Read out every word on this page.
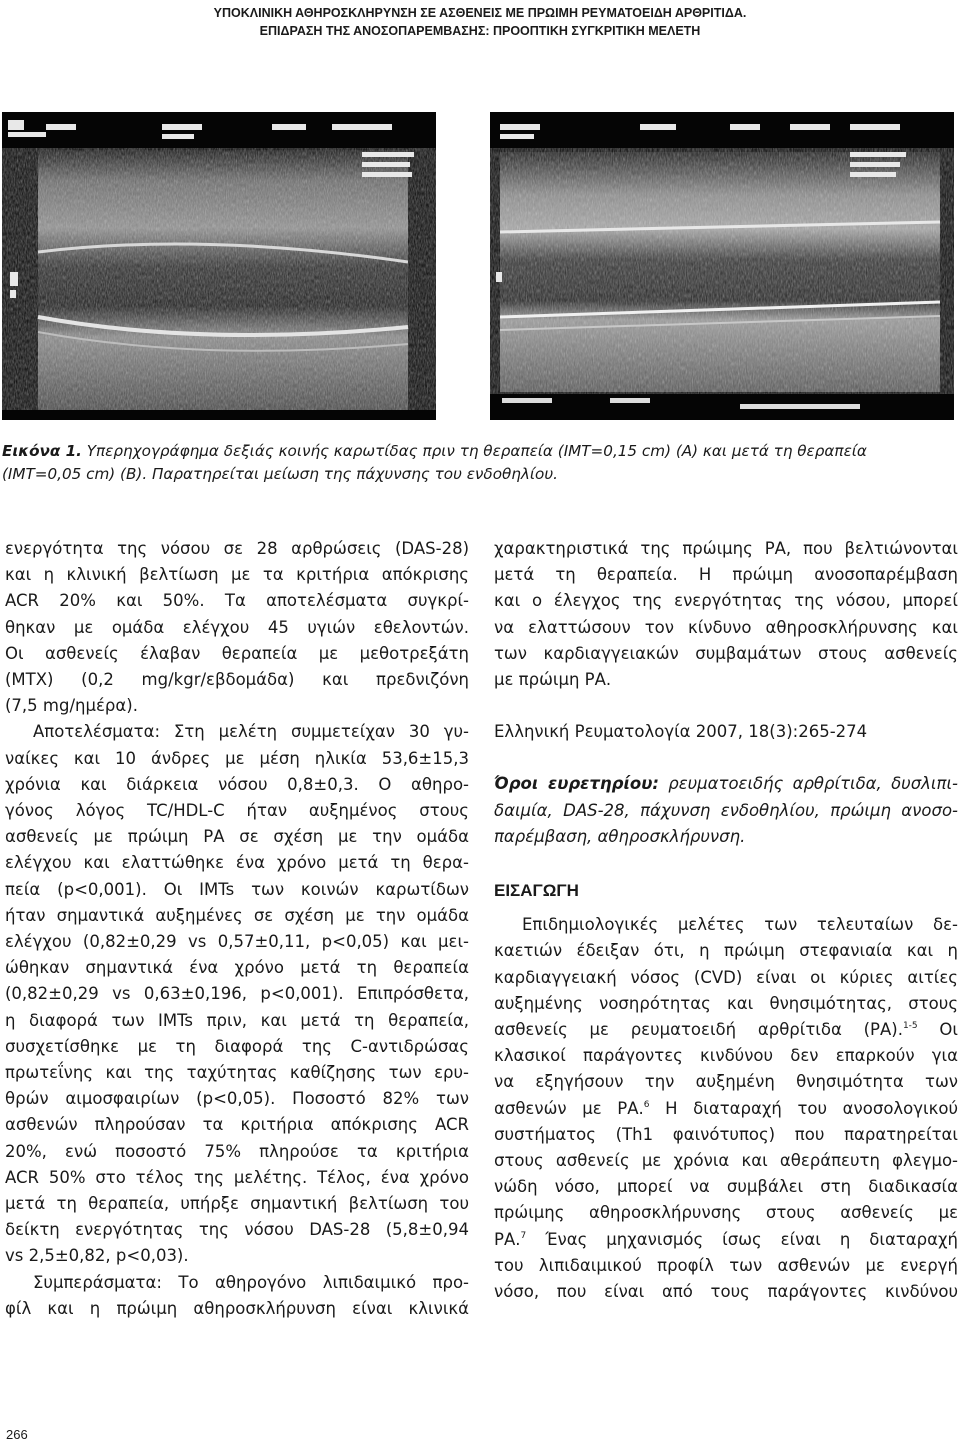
ΥΠΟΚΛΙΝΙΚΗ ΑΘΗΡΟΣΚΛΗΡΥΝΣΗ ΣΕ ΑΣΘΕΝΕΙΣ ΜΕ ΠΡΩΙΜΗ ΡΕΥΜΑΤΟΕΙΔΗ ΑΡΘΡΙΤΙΔΑ.
ΕΠΙΔΡΑΣΗ ΤΗΣ ΑΝΟΣΟΠΑΡΕΜΒΑΣΗΣ: ΠΡΟΟΠΤΙΚΗ ΣΥΓΚΡΙΤΙΚΗ ΜΕΛΕΤΗ
Εικόνα 1. Υπερηχογράφημα δεξιάς κοινής καρωτίδας πριν τη θεραπεία (ΙΜΤ=0,15 cm) (Α) και μετά τη θεραπεία
(ΙΜΤ=0,05 cm) (Β). Παρατηρείται μείωση της πάχυνσης του ενδοθηλίου.
ενεργότητα της νόσου σε 28 αρθρώσεις (DAS-28)
και η κλινική βελτίωση με τα κριτήρια απόκρισης
ACR 20% και 50%. Τα αποτελέσματα συγκρί-
θηκαν με ομάδα ελέγχου 45 υγιών εθελοντών.
Οι ασθενείς έλαβαν θεραπεία με μεθοτρεξάτη
(MTX) (0,2 mg/kgr/εβδομάδα) και πρεδνιζόνη
(7,5 mg/ημέρα).
Αποτελέσματα: Στη μελέτη συμμετείχαν 30 γυ-
ναίκες και 10 άνδρες με μέση ηλικία 53,6±15,3
χρόνια και διάρκεια νόσου 0,8±0,3. Ο αθηρο-
γόνος λόγος TC/HDL-C ήταν αυξημένος στους
ασθενείς με πρώιμη ΡΑ σε σχέση με την ομάδα
ελέγχου και ελαττώθηκε ένα χρόνο μετά τη θερα-
πεία (p<0,001). Οι IMTs των κοινών καρωτίδων
ήταν σημαντικά αυξημένες σε σχέση με την ομάδα
ελέγχου (0,82±0,29 vs 0,57±0,11, p<0,05) και μει-
ώθηκαν σημαντικά ένα χρόνο μετά τη θεραπεία
(0,82±0,29 vs 0,63±0,196, p<0,001). Επιπρόσθετα,
η διαφορά των IMTs πριν, και μετά τη θεραπεία,
συσχετίσθηκε με τη διαφορά της C-αντιδρώσας
πρωτεΐνης και της ταχύτητας καθίζησης των ερυ-
θρών αιμοσφαιρίων (p<0,05). Ποσοστό 82% των
ασθενών πληρούσαν τα κριτήρια απόκρισης ACR
20%, ενώ ποσοστό 75% πληρούσε τα κριτήρια
ACR 50% στο τέλος της μελέτης. Τέλος, ένα χρόνο
μετά τη θεραπεία, υπήρξε σημαντική βελτίωση του
δείκτη ενεργότητας της νόσου DAS-28 (5,8±0,94
vs 2,5±0,82, p<0,03).
Συμπεράσματα: Το αθηρογόνο λιπιδαιμικό προ-
φίλ και η πρώιμη αθηροσκλήρυνση είναι κλινικά
χαρακτηριστικά της πρώιμης ΡΑ, που βελτιώνονται
μετά τη θεραπεία. Η πρώιμη ανοσοπαρέμβαση
και ο έλεγχος της ενεργότητας της νόσου, μπορεί
να ελαττώσουν τον κίνδυνο αθηροσκλήρυνσης και
των καρδιαγγειακών συμβαμάτων στους ασθενείς
με πρώιμη ΡΑ.
Ελληνική Ρευματολογία 2007, 18(3):265-274
Όροι ευρετηρίου: ρευματοειδής αρθρίτιδα, δυσλιπι-
δαιμία, DAS-28, πάχυνση ενδοθηλίου, πρώιμη ανοσο-
παρέμβαση, αθηροσκλήρυνση.
ΕΙΣΑΓΩΓΗ
Επιδημιολογικές μελέτες των τελευταίων δε-
καετιών έδειξαν ότι, η πρώιμη στεφανιαία και η
καρδιαγγειακή νόσος (CVD) είναι οι κύριες αιτίες
αυξημένης νοσηρότητας και θνησιμότητας, στους
ασθενείς με ρευματοειδή αρθρίτιδα (ΡΑ).$^{1-5}$ Οι
κλασικοί παράγοντες κινδύνου δεν επαρκούν για
να εξηγήσουν την αυξημένη θνησιμότητα των
ασθενών με ΡΑ.$^6$ Η διαταραχή του ανοσολογικού
συστήματος (Th1 φαινότυπος) που παρατηρείται
στους ασθενείς με χρόνια και αθεράπευτη φλεγμο-
νώδη νόσο, μπορεί να συμβάλει στη διαδικασία
πρώιμης αθηροσκλήρυνσης στους ασθενείς με
ΡΑ.$^7$ Ένας μηχανισμός ίσως είναι η διαταραχή
του λιπιδαιμικού προφίλ των ασθενών με ενεργή
νόσο, που είναι από τους παράγοντες κινδύνου
266
